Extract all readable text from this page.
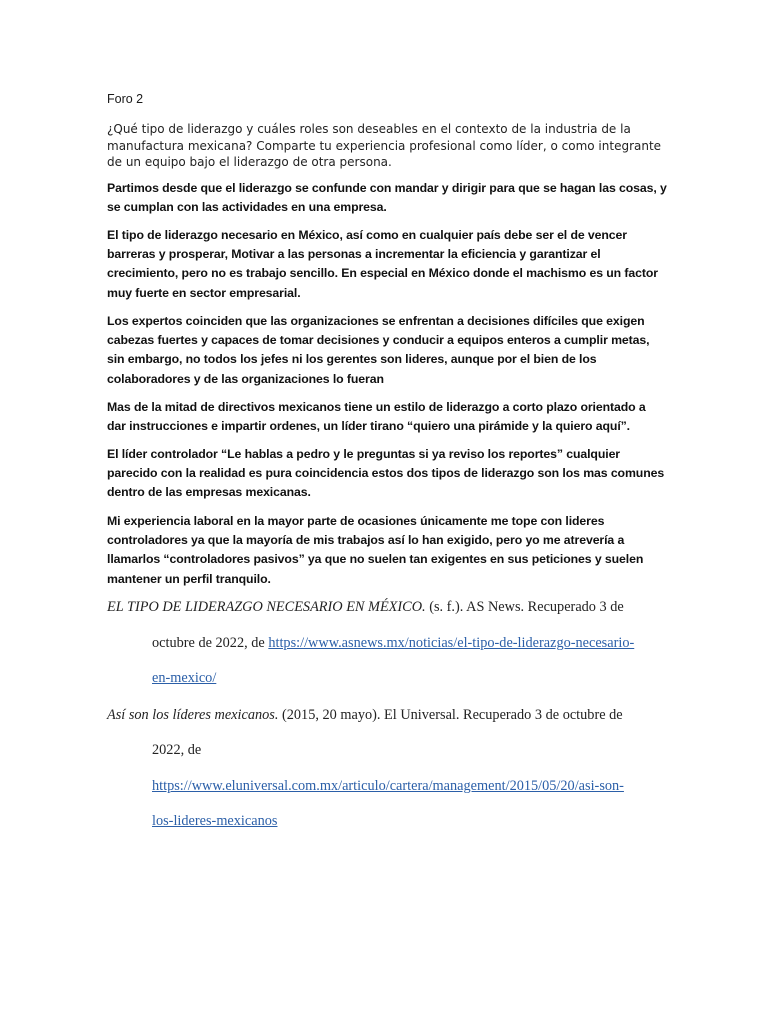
Foro 2

¿Qué tipo de liderazgo y cuáles roles son deseables en el contexto de la industria de la manufactura mexicana? Comparte tu experiencia profesional como líder, o como integrante de un equipo bajo el liderazgo de otra persona.

Partimos desde que el liderazgo se confunde con mandar y dirigir para que se hagan las cosas, y se cumplan con las actividades en una empresa.

El tipo de liderazgo necesario en México, así como en cualquier país debe ser el de vencer barreras y prosperar, Motivar a las personas a incrementar la eficiencia y garantizar el crecimiento, pero no es trabajo sencillo. En especial en México donde el machismo es un factor muy fuerte en sector empresarial.

Los expertos coinciden que las organizaciones se enfrentan a decisiones difíciles que exigen cabezas fuertes y capaces de tomar decisiones y conducir a equipos enteros a cumplir metas, sin embargo, no todos los jefes ni los gerentes son lideres, aunque por el bien de los colaboradores y de las organizaciones lo fueran

Mas de la mitad de directivos mexicanos tiene un estilo de liderazgo a corto plazo orientado a dar instrucciones e impartir ordenes, un líder tirano “quiero una pirámide y la quiero aquí”.

El líder controlador “Le hablas a pedro y le preguntas si ya reviso los reportes” cualquier parecido con la realidad es pura coincidencia estos dos tipos de liderazgo son los mas comunes dentro de las empresas mexicanas.

Mi experiencia laboral en la mayor parte de ocasiones únicamente me tope con lideres controladores ya que la mayoría de mis trabajos así lo han exigido, pero yo me atrevería a llamarlos “controladores pasivos” ya que no suelen tan exigentes en sus peticiones y suelen mantener un perfil tranquilo.

EL TIPO DE LIDERAZGO NECESARIO EN MÉXICO. (s. f.). AS News. Recuperado 3 de

octubre de 2022, de https://www.asnews.mx/noticias/el-tipo-de-liderazgo-necesario-

en-mexico/

Así son los líderes mexicanos. (2015, 20 mayo). El Universal. Recuperado 3 de octubre de

2022, de

https://www.eluniversal.com.mx/articulo/cartera/management/2015/05/20/asi-son-

los-lideres-mexicanos
